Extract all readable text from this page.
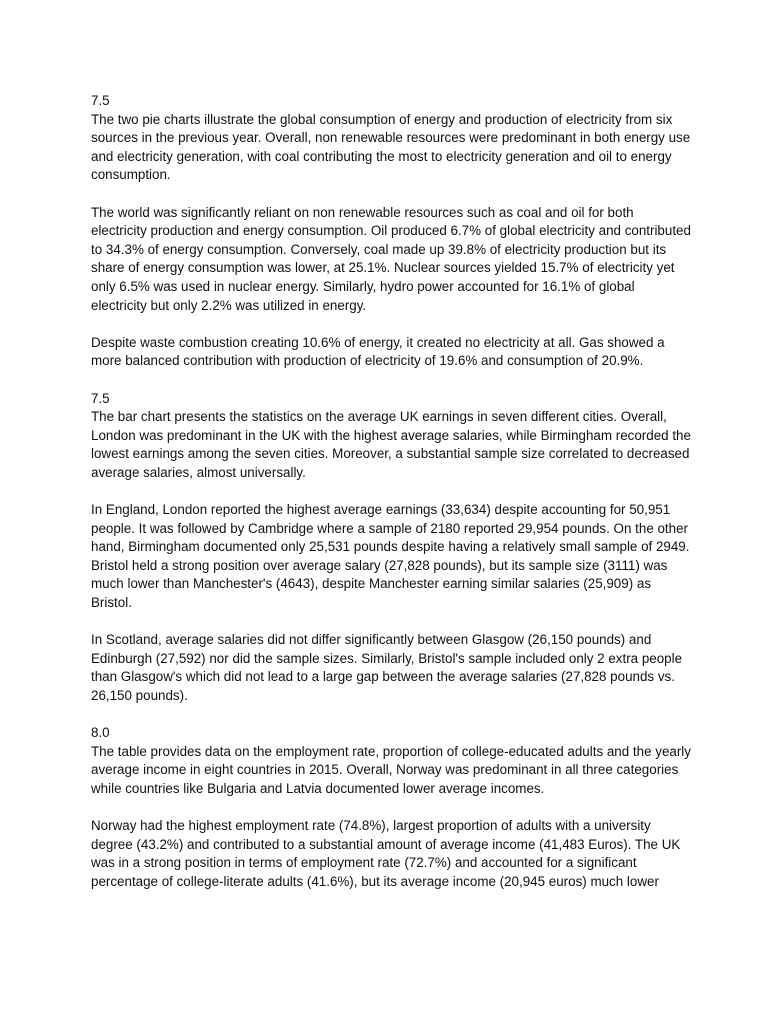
7.5

The two pie charts illustrate the global consumption of energy and production of electricity from six sources in the previous year. Overall, non renewable resources were predominant in both energy use and electricity generation, with coal contributing the most to electricity generation and oil to energy consumption.

The world was significantly reliant on non renewable resources such as coal and oil for both electricity production and energy consumption. Oil produced 6.7% of global electricity and contributed to 34.3% of energy consumption. Conversely, coal made up 39.8% of electricity production but its share of energy consumption was lower, at 25.1%. Nuclear sources yielded 15.7% of electricity yet only 6.5% was used in nuclear energy. Similarly, hydro power accounted for 16.1% of global electricity but only 2.2% was utilized in energy.

Despite waste combustion creating 10.6% of energy, it created no electricity at all. Gas showed a more balanced contribution with production of electricity of 19.6% and consumption of 20.9%.

7.5

The bar chart presents the statistics on the average UK earnings in seven different cities. Overall, London was predominant in the UK with the highest average salaries, while Birmingham recorded the lowest earnings among the seven cities. Moreover, a substantial sample size correlated to decreased average salaries, almost universally.

In England, London reported the highest average earnings (33,634) despite accounting for 50,951 people. It was followed by Cambridge where a sample of 2180 reported 29,954 pounds. On the other hand, Birmingham documented only 25,531 pounds despite having a relatively small sample of 2949. Bristol held a strong position over average salary (27,828 pounds), but its sample size (3111) was much lower than Manchester's (4643), despite Manchester earning similar salaries (25,909) as Bristol.

In Scotland, average salaries did not differ significantly between Glasgow (26,150 pounds) and Edinburgh (27,592) nor did the sample sizes. Similarly, Bristol's sample included only 2 extra people than Glasgow's which did not lead to a large gap between the average salaries (27,828 pounds vs. 26,150 pounds).

8.0

The table provides data on the employment rate, proportion of college-educated adults and the yearly average income in eight countries in 2015. Overall, Norway was predominant in all three categories while countries like Bulgaria and Latvia documented lower average incomes.

Norway had the highest employment rate (74.8%), largest proportion of adults with a university degree (43.2%) and contributed to a substantial amount of average income (41,483 Euros). The UK was in a strong position in terms of employment rate (72.7%) and accounted for a significant percentage of college-literate adults (41.6%), but its average income (20,945 euros) much lower
